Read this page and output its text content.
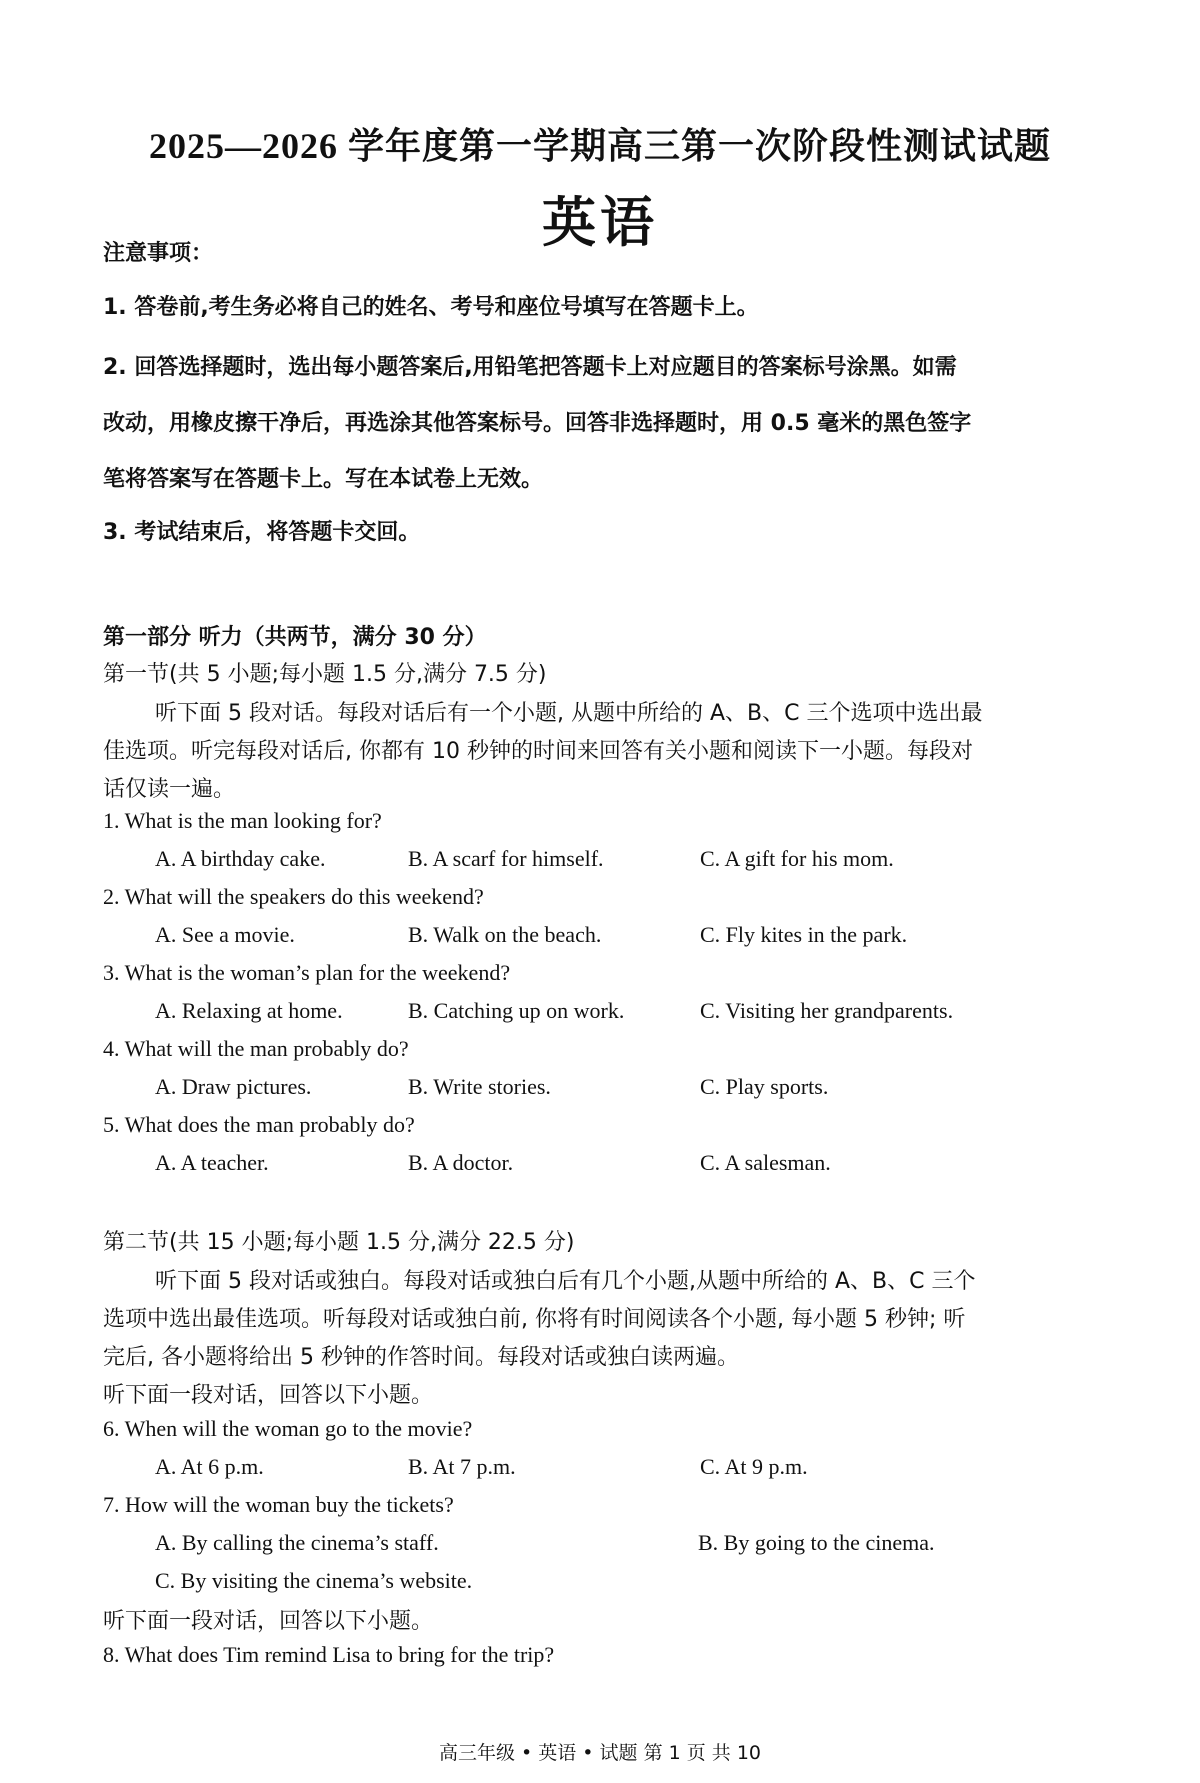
2025—2026 学年度第一学期高三第一次阶段性测试试题
英语
注意事项：
1. 答卷前,考生务必将自己的姓名、考号和座位号填写在答题卡上。
2. 回答选择题时，选出每小题答案后,用铅笔把答题卡上对应题目的答案标号涂黑。如需
改动，用橡皮擦干净后，再选涂其他答案标号。回答非选择题时，用 0.5 毫米的黑色签字
笔将答案写在答题卡上。写在本试卷上无效。
3. 考试结束后，将答题卡交回。
第一部分 听力（共两节，满分 30 分）
第一节(共 5 小题;每小题 1.5 分,满分 7.5 分)
听下面 5 段对话。每段对话后有一个小题, 从题中所给的 A、B、C 三个选项中选出最
佳选项。听完每段对话后, 你都有 10 秒钟的时间来回答有关小题和阅读下一小题。每段对
话仅读一遍。
1. What is the man looking for?
A. A birthday cake.	B. A scarf for himself.	C. A gift for his mom.
2. What will the speakers do this weekend?
A. See a movie.	B. Walk on the beach.	C. Fly kites in the park.
3. What is the woman’s plan for the weekend?
A. Relaxing at home.	B. Catching up on work.	C. Visiting her grandparents.
4. What will the man probably do?
A. Draw pictures.	B. Write stories.	C. Play sports.
5. What does the man probably do?
A. A teacher.	B. A doctor.	C. A salesman.
第二节(共 15 小题;每小题 1.5 分,满分 22.5 分)
听下面 5 段对话或独白。每段对话或独白后有几个小题,从题中所给的 A、B、C 三个
选项中选出最佳选项。听每段对话或独白前, 你将有时间阅读各个小题, 每小题 5 秒钟; 听
完后, 各小题将给出 5 秒钟的作答时间。每段对话或独白读两遍。
听下面一段对话，回答以下小题。
6. When will the woman go to the movie?
A. At 6 p.m.	B. At 7 p.m.	C. At 9 p.m.
7. How will the woman buy the tickets?
A. By calling the cinema’s staff.	B. By going to the cinema.
C. By visiting the cinema’s website.
听下面一段对话，回答以下小题。
8. What does Tim remind Lisa to bring for the trip?
高三年级 • 英语 • 试题 第 1 页 共 10
